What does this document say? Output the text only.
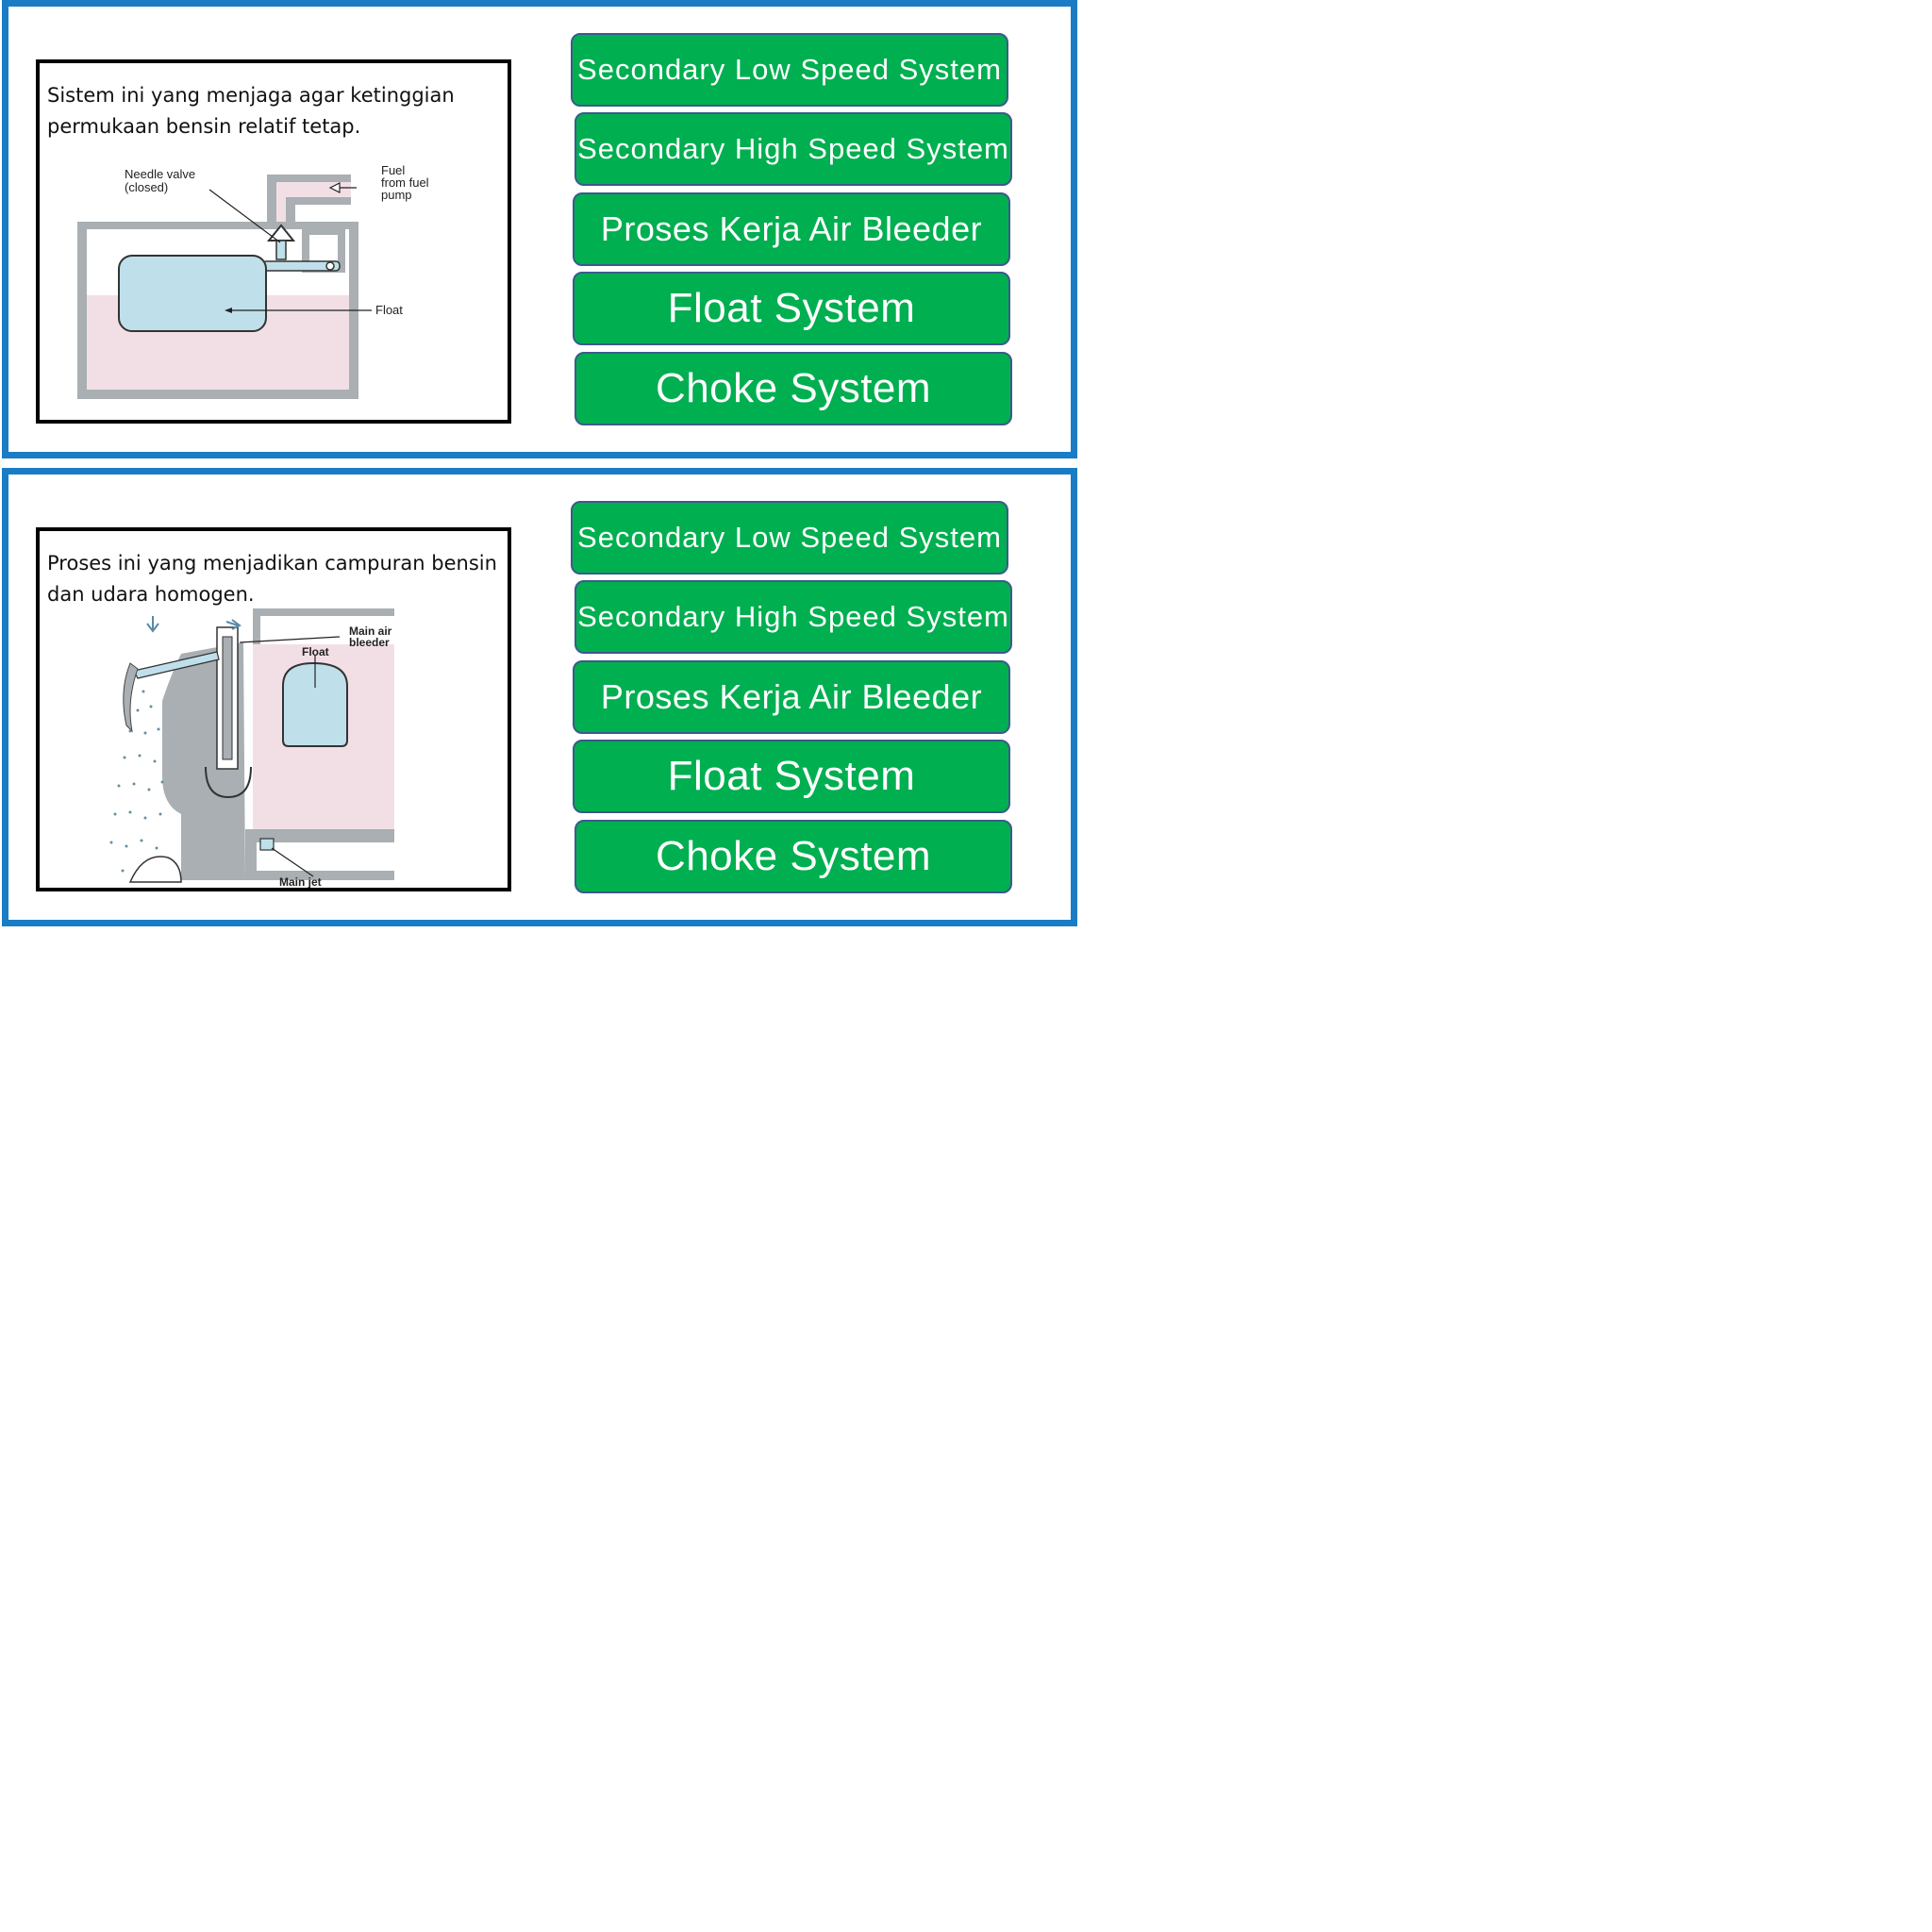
Needle valve
(closed)
Fuel
from fuel
pump
Float
Sistem ini yang menjaga agar ketinggian permukaan bensin relatif tetap.
Secondary Low Speed System
Secondary High Speed System
Proses Kerja Air Bleeder
Float System
Choke System
Main air
bleeder
Float
Main jet
Proses ini yang menjadikan campuran bensin dan udara homogen.
Secondary Low Speed System
Secondary High Speed System
Proses Kerja Air Bleeder
Float System
Choke System
